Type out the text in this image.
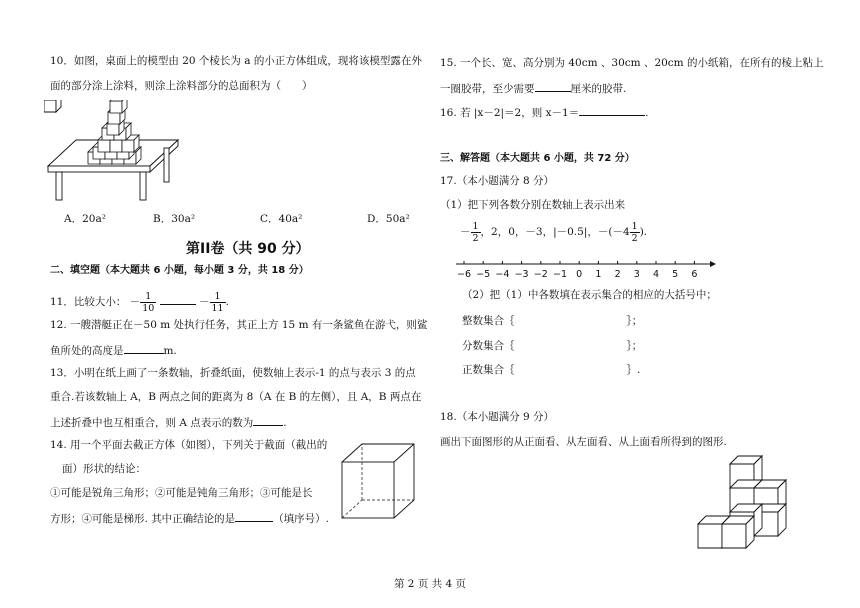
10．如图，桌面上的模型由 20 个棱长为 a 的小正方体组成，现将该模型露在外
面的部分涂上涂料，则涂上涂料部分的总面积为（　　）
A．20a²	B．30a²	C．40a²	D．50a²
第II卷（共 90 分）
二、填空题（本大题共 6 小题，每小题 3 分，共 18 分）
11．比较大小： － $\frac{1}{10}$	－ $\frac{1}{11}$ .
12. 一艘潜艇正在－50 m 处执行任务，其正上方 15 m 有一条鲨鱼在游弋，则鲨
鱼所处的高度是	m.
13．小明在纸上画了一条数轴，折叠纸面，使数轴上表示-1 的点与表示 3 的点
重合.若该数轴上 A，B 两点之间的距离为 8（A 在 B 的左侧），且 A，B 两点在
上述折叠中也互相重合，则 A 点表示的数为	.
14. 用一个平面去截正方体（如图），下列关于截面（截出的
面）形状的结论：
①可能是锐角三角形；②可能是钝角三角形；③可能是长
方形；④可能是梯形. 其中正确结论的是	（填序号）.
15. 一个长、宽、高分别为 40cm 、30cm 、20cm 的小纸箱，在所有的棱上粘上
一圈胶带，至少需要	厘米的胶带.
16. 若 |x－2|＝2，则 x－1＝	.
三、解答题（本大题共 6 小题，共 72 分）
17.（本小题满分 8 分）
（1）把下列各数分别在数轴上表示出来
－ $\frac{1}{2}$ ，2，0，－3，|－0.5|，$-(-4 \frac{1}{2}$ ).
−6 −5 −4 −3 −2 −1 0 1 2 3 4 5 6
（2）把（1）中各数填在表示集合的相应的大括号中；
整数集合｛	｝；
分数集合｛	｝；
正数集合｛	｝.
18.（本小题满分 9 分）
画出下面图形的从正面看、从左面看、从上面看所得到的图形.
第 2 页 共 4 页
